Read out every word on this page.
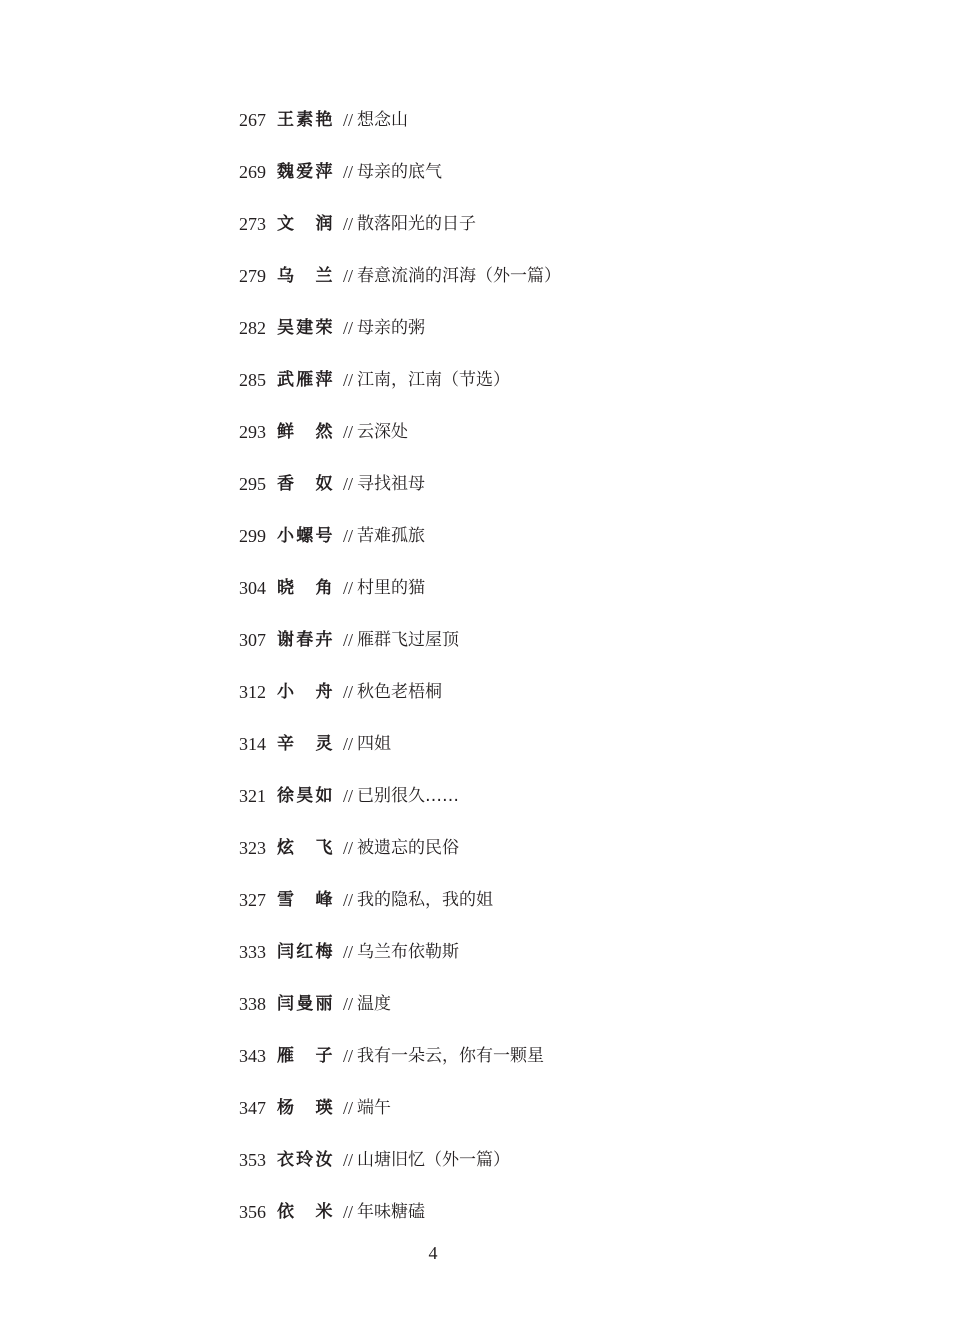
267 王素艳 // 想念山
269 魏爱萍 // 母亲的底气
273 文润 // 散落阳光的日子
279 乌兰 // 春意流淌的洱海（外一篇）
282 吴建荣 // 母亲的粥
285 武雁萍 // 江南，江南（节选）
293 鲜然 // 云深处
295 香奴 // 寻找祖母
299 小螺号 // 苦难孤旅
304 晓角 // 村里的猫
307 谢春卉 // 雁群飞过屋顶
312 小舟 // 秋色老梧桐
314 辛灵 // 四姐
321 徐昊如 // 已别很久……
323 炫飞 // 被遗忘的民俗
327 雪峰 // 我的隐私，我的姐
333 闫红梅 // 乌兰布依勒斯
338 闫曼丽 // 温度
343 雁子 // 我有一朵云，你有一颗星
347 杨瑛 // 端午
353 衣玲汝 // 山塘旧忆（外一篇）
356 依米 // 年味糖磕
4
